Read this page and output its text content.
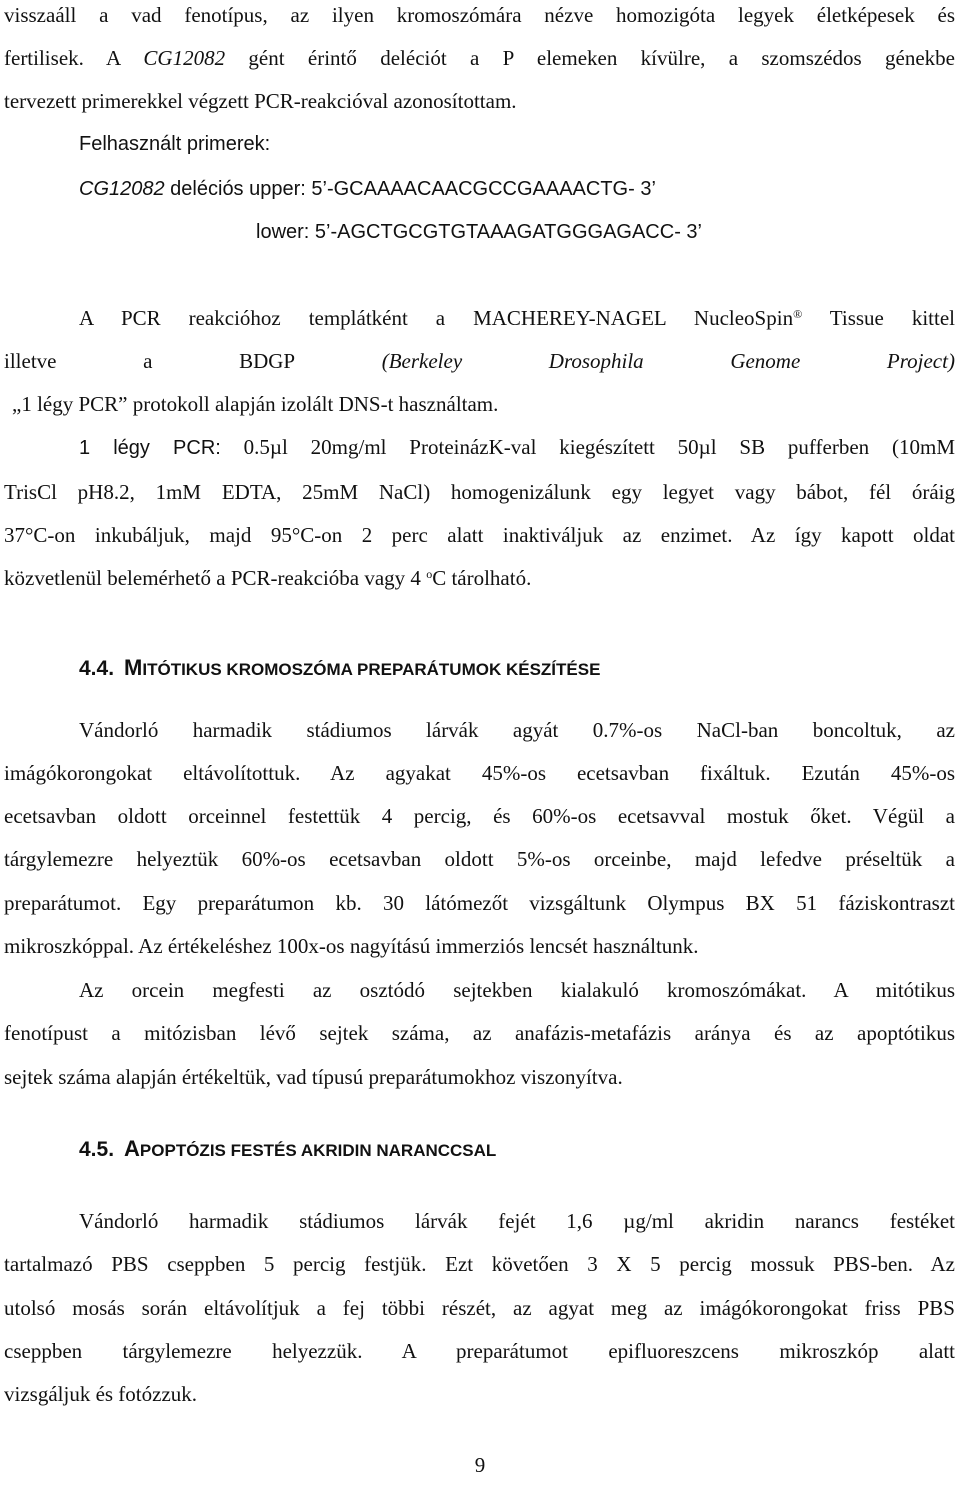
visszaáll a vad fenotípus, az ilyen kromoszómára nézve homozigóta legyek életképesek és
fertilisek. A CG12082 gént érintő deléciót a P elemeken kívülre, a szomszédos génekbe
tervezett primerekkel végzett PCR-reakcióval azonosítottam.
Felhasznált primerek:
CG12082 deléciós upper: 5’-GCAAAACAACGCCGAAAACTG- 3’
lower: 5’-AGCTGCGTGTAAAGATGGGAGACC- 3’
A PCR reakcióhoz templátként a MACHEREY-NAGEL NucleoSpin® Tissue kittel
illetve	a	BDGP	(Berkeley	Drosophila	Genome	Project)
„1 légy PCR” protokoll alapján izolált DNS-t használtam.
1 légy PCR: 0.5µl 20mg/ml ProteinázK-val kiegészített 50µl SB pufferben (10mM
TrisCl pH8.2, 1mM EDTA, 25mM NaCl) homogenizálunk egy legyet vagy bábot, fél óráig
37°C-on inkubáljuk, majd 95°C-on 2 perc alatt inaktiváljuk az enzimet. Az így kapott oldat
közvetlenül belemérhető a PCR-reakcióba vagy 4 $^o$C tárolható.
4.4. MITÓTIKUS KROMOSZÓMA PREPARÁTUMOK KÉSZÍTÉSE
Vándorló harmadik stádiumos lárvák agyát 0.7%-os NaCl-ban boncoltuk, az
imágókorongokat eltávolítottuk. Az agyakat 45%-os ecetsavban fixáltuk. Ezután 45%-os
ecetsavban oldott orceinnel festettük 4 percig, és 60%-os ecetsavval mostuk őket. Végül a
tárgylemezre helyeztük 60%-os ecetsavban oldott 5%-os orceinbe, majd lefedve préseltük a
preparátumot. Egy preparátumon kb. 30 látómezőt vizsgáltunk Olympus BX 51 fáziskontraszt
mikroszkóppal. Az értékeléshez 100x-os nagyítású immerziós lencsét használtunk.
Az orcein megfesti az osztódó sejtekben kialakuló kromoszómákat. A mitótikus
fenotípust a mitózisban lévő sejtek száma, az anafázis-metafázis aránya és az apoptótikus
sejtek száma alapján értékeltük, vad típusú preparátumokhoz viszonyítva.
4.5. APOPTÓZIS FESTÉS AKRIDIN NARANCCSAL
Vándorló harmadik stádiumos lárvák fejét 1,6 µg/ml akridin narancs festéket
tartalmazó PBS cseppben 5 percig festjük. Ezt követően 3 X 5 percig mossuk PBS-ben. Az
utolsó mosás során eltávolítjuk a fej többi részét, az agyat meg az imágókorongokat friss PBS
cseppben tárgylemezre helyezzük. A preparátumot epifluoreszcens mikroszkóp alatt
vizsgáljuk és fotózzuk.
9
